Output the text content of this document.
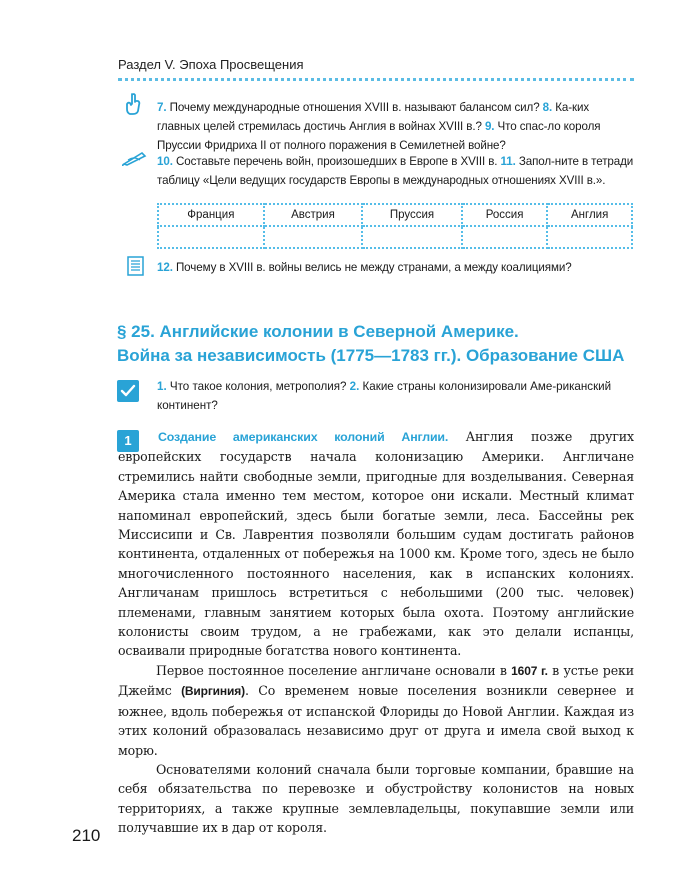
Раздел V. Эпоха Просвещения
7. Почему международные отношения XVIII в. называют балансом сил? 8. Ка-ких главных целей стремилась достичь Англия в войнах XVIII в.? 9. Что спас-ло короля Пруссии Фридриха II от полного поражения в Семилетней войне?
10. Составьте перечень войн, произошедших в Европе в XVIII в. 11. Запол-ните в тетради таблицу «Цели ведущих государств Европы в международных отношениях XVIII в.».
Франция	Австрия	Пруссия	Россия	Англия

12. Почему в XVIII в. войны велись не между странами, а между коалициями?
§ 25. Английские колонии в Северной Америке.
Война за независимость (1775—1783 гг.). Образование США
1. Что такое колония, метрополия? 2. Какие страны колонизировали Аме-риканский континент?
1	Создание американских колоний Англии. Англия позже других европейских государств начала колонизацию Америки. Англичане стремились найти свободные земли, пригодные для возделывания. Северная Америка стала именно тем местом, которое они искали. Местный климат напоминал европейский, здесь были богатые земли, леса. Бассейны рек Миссисипи и Св. Лаврентия позволяли большим судам достигать районов континента, отдаленных от побережья на 1000 км. Кроме того, здесь не было многочисленного постоянного населения, как в испанских колониях. Англичанам пришлось встретиться с небольшими (200 тыс. человек) племенами, главным занятием которых была охота. Поэтому английские колонисты своим трудом, а не грабежами, как это делали испанцы, осваивали природные богатства нового континента.

Первое постоянное поселение англичане основали в 1607 г. в устье реки Джеймс (Виргиния). Со временем новые поселения возникли севернее и южнее, вдоль побережья от испанской Флориды до Новой Англии. Каждая из этих колоний образовалась независимо друг от друга и имела свой выход к морю.

Основателями колоний сначала были торговые компании, бравшие на себя обязательства по перевозке и обустройству колонистов на новых территориях, а также крупные землевладельцы, покупавшие земли или получавшие их в дар от короля.

210
